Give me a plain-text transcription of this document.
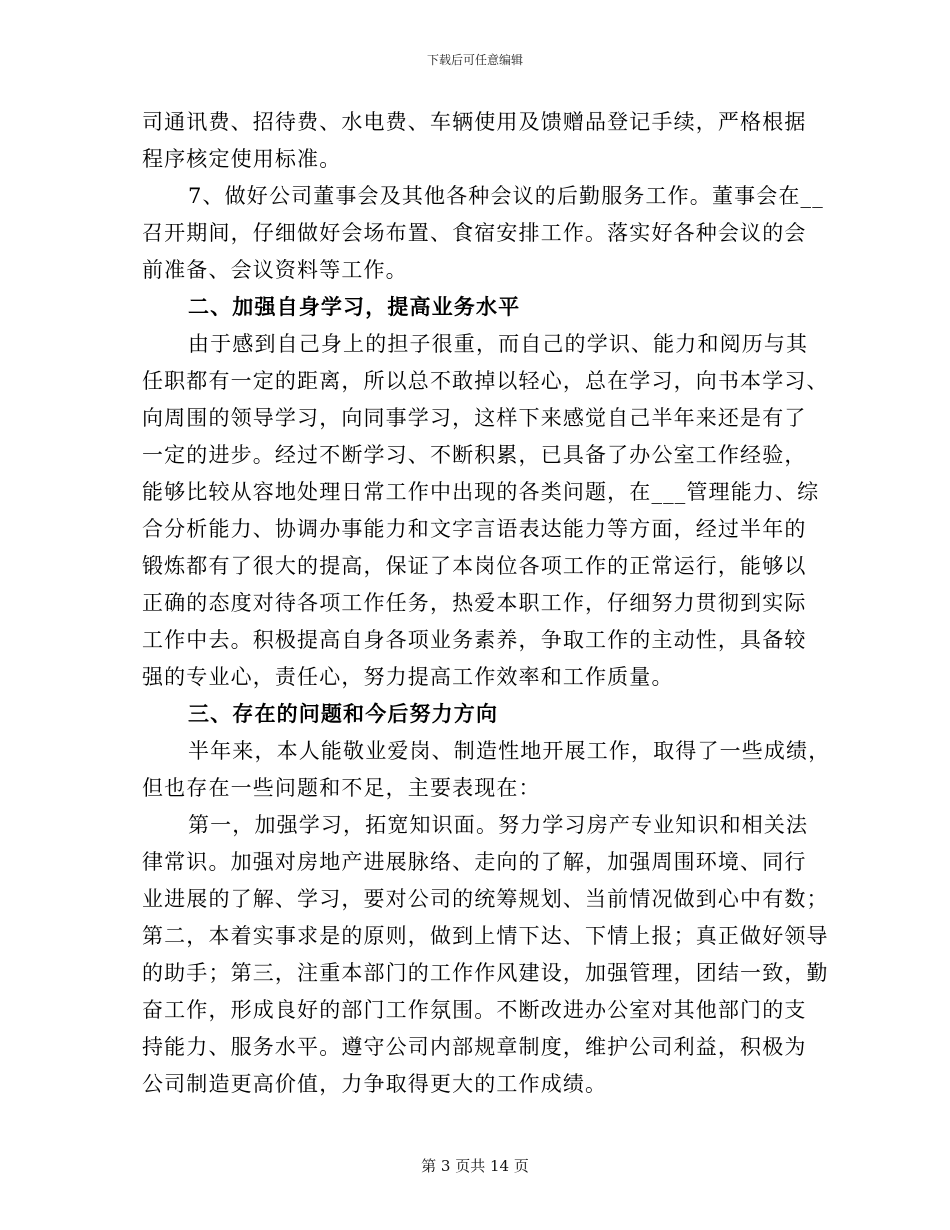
下载后可任意编辑
司通讯费、招待费、水电费、车辆使用及馈赠品登记手续，严格根据
程序核定使用标准。
7、做好公司董事会及其他各种会议的后勤服务工作。董事会在__
召开期间，仔细做好会场布置、食宿安排工作。落实好各种会议的会
前准备、会议资料等工作。
二、加强自身学习，提高业务水平
由于感到自己身上的担子很重，而自己的学识、能力和阅历与其
任职都有一定的距离，所以总不敢掉以轻心，总在学习，向书本学习、
向周围的领导学习，向同事学习，这样下来感觉自己半年来还是有了
一定的进步。经过不断学习、不断积累，已具备了办公室工作经验，
能够比较从容地处理日常工作中出现的各类问题，在___管理能力、综
合分析能力、协调办事能力和文字言语表达能力等方面，经过半年的
锻炼都有了很大的提高，保证了本岗位各项工作的正常运行，能够以
正确的态度对待各项工作任务，热爱本职工作，仔细努力贯彻到实际
工作中去。积极提高自身各项业务素养，争取工作的主动性，具备较
强的专业心，责任心，努力提高工作效率和工作质量。
三、存在的问题和今后努力方向
半年来，本人能敬业爱岗、制造性地开展工作，取得了一些成绩，
但也存在一些问题和不足，主要表现在：
第一，加强学习，拓宽知识面。努力学习房产专业知识和相关法
律常识。加强对房地产进展脉络、走向的了解，加强周围环境、同行
业进展的了解、学习，要对公司的统筹规划、当前情况做到心中有数；
第二，本着实事求是的原则，做到上情下达、下情上报；真正做好领导
的助手；第三，注重本部门的工作作风建设，加强管理，团结一致，勤
奋工作，形成良好的部门工作氛围。不断改进办公室对其他部门的支
持能力、服务水平。遵守公司内部规章制度，维护公司利益，积极为
公司制造更高价值，力争取得更大的工作成绩。
第 3 页共 14 页
